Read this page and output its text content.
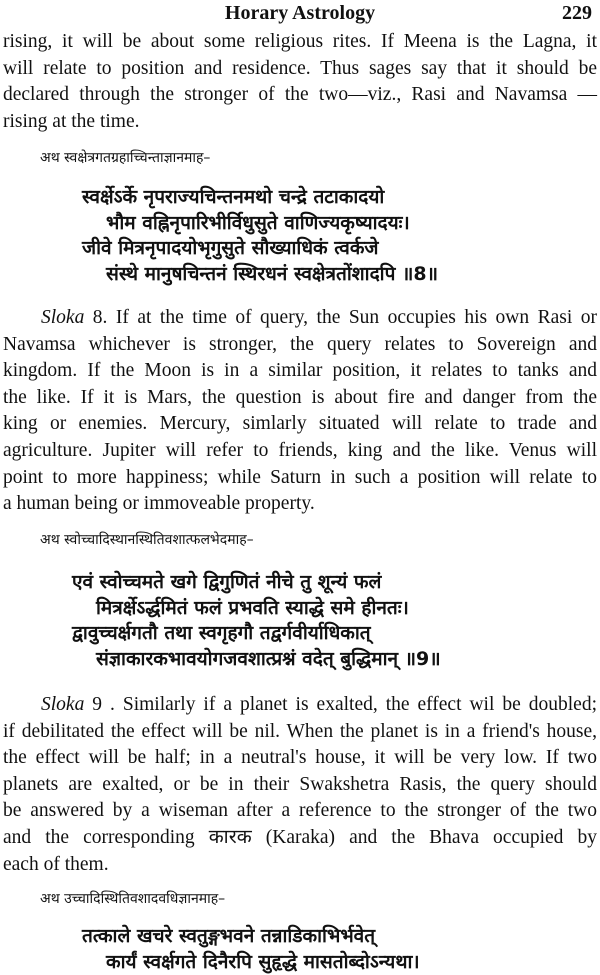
Horary Astrology	229
rising, it will be about some religious rites. If Meena is the Lagna, it
will relate to position and residence. Thus sages say that it should be
declared through the stronger of the two—viz., Rasi and Navamsa —
rising at the time.
अथ स्वक्षेत्रगतग्रहाच्चिन्ताज्ञानमाह–
स्वर्क्षेऽर्के नृपराज्यचिन्तनमथो चन्द्रे तटाकादयो
भौम वह्निनृपारिभीर्विधुसुते वाणिज्यकृष्यादयः।
जीवे मित्रनृपादयोभृगुसुते सौख्याधिकं त्वर्कजे
संस्थे मानुषचिन्तनं स्थिरधनं स्वक्षेत्रतोंशादपि ॥8॥
Sloka 8. If at the time of query, the Sun occupies his own Rasi or
Navamsa whichever is stronger, the query relates to Sovereign and
kingdom. If the Moon is in a similar position, it relates to tanks and
the like. If it is Mars, the question is about fire and danger from the
king or enemies. Mercury, simlarly situated will relate to trade and
agriculture. Jupiter will refer to friends, king and the like. Venus will
point to more happiness; while Saturn in such a position will relate to
a human being or immoveable property.
अथ स्वोच्चादिस्थानस्थितिवशात्फलभेदमाह–
एवं स्वोच्चमते खगे द्विगुणितं नीचे तु शून्यं फलं
मित्रर्क्षेऽर्द्धमितं फलं प्रभवति स्याद्धे समे हीनतः।
द्वावुच्चर्क्षगतौ तथा स्वगृहगौ तद्वर्गवीर्याधिकात्
संज्ञाकारकभावयोगजवशात्प्रश्नं वदेत् बुद्धिमान् ॥9॥
Sloka 9 . Similarly if a planet is exalted, the effect wil be doubled;
if debilitated the effect will be nil. When the planet is in a friend's house,
the effect will be half; in a neutral's house, it will be very low. If two
planets are exalted, or be in their Swakshetra Rasis, the query should
be answered by a wiseman after a reference to the stronger of the two
and the corresponding कारक (Karaka) and the Bhava occupied by
each of them.
अथ उच्चादिस्थितिवशादवधिज्ञानमाह–
तत्काले खचरे स्वतुङ्गभवने तन्नाडिकाभिर्भवेत्
कार्यं स्वर्क्षगते दिनैरपि सुहृद्धे मासतोब्दोऽन्यथा।
